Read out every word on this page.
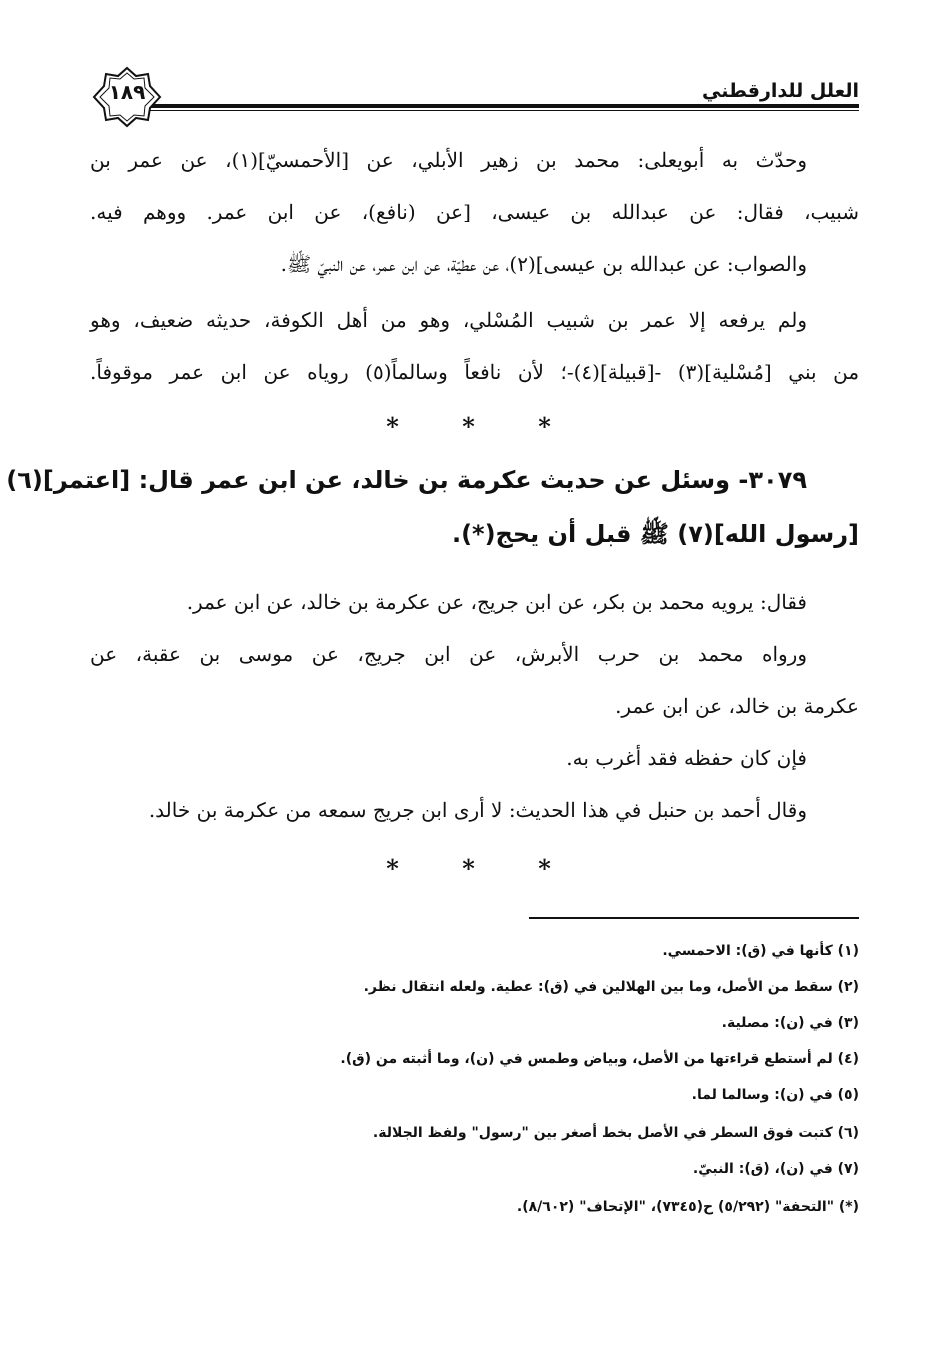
العلل للدارقطني
١٨٩
وحدّث به أبويعلى: محمد بن زهير الأبلي، عن [الأحمسيّ](١)، عن عمر بن
شبيب، فقال: عن عبدالله بن عيسى، [عن (نافع)، عن ابن عمر. ووهم فيه.
والصواب: عن عبدالله بن عيسى](٢)، عن عطيّة، عن ابن عمر، عن النبيّ ﷺ.
ولم يرفعه إلا عمر بن شبيب المُسْلي، وهو من أهل الكوفة، حديثه ضعيف، وهو
من بني [مُسْلية](٣) -[قبيلة](٤)-؛ لأن نافعاً وسالماً(٥) روياه عن ابن عمر موقوفاً.
*	*	*
٣٠٧٩- وسئل عن حديث عكرمة بن خالد، عن ابن عمر قال: [اعتمر](٦)
[رسول الله](٧) ﷺ قبل أن يحج(*).
فقال: يرويه محمد بن بكر، عن ابن جريج، عن عكرمة بن خالد، عن ابن عمر.
ورواه محمد بن حرب الأبرش، عن ابن جريج، عن موسى بن عقبة، عن
عكرمة بن خالد، عن ابن عمر.
فإن كان حفظه فقد أغرب به.
وقال أحمد بن حنبل في هذا الحديث: لا أرى ابن جريج سمعه من عكرمة بن خالد.
*	*	*
(١) كأنها في (ق): الاحمسي.
(٢) سقط من الأصل، وما بين الهلالين في (ق): عطية. ولعله انتقال نظر.
(٣) في (ن): مصلية.
(٤) لم أستطع قراءتها من الأصل، وبياض وطمس في (ن)، وما أثبته من (ق).
(٥) في (ن): وسالما لما.
(٦) كتبت فوق السطر في الأصل بخط أصغر بين "رسول" ولفظ الجلالة.
(٧) في (ن)، (ق): النبيّ.
(*) "التحفة" (٥/٢٩٢) ح(٧٣٤٥)، "الإتحاف" (٨/٦٠٢).
